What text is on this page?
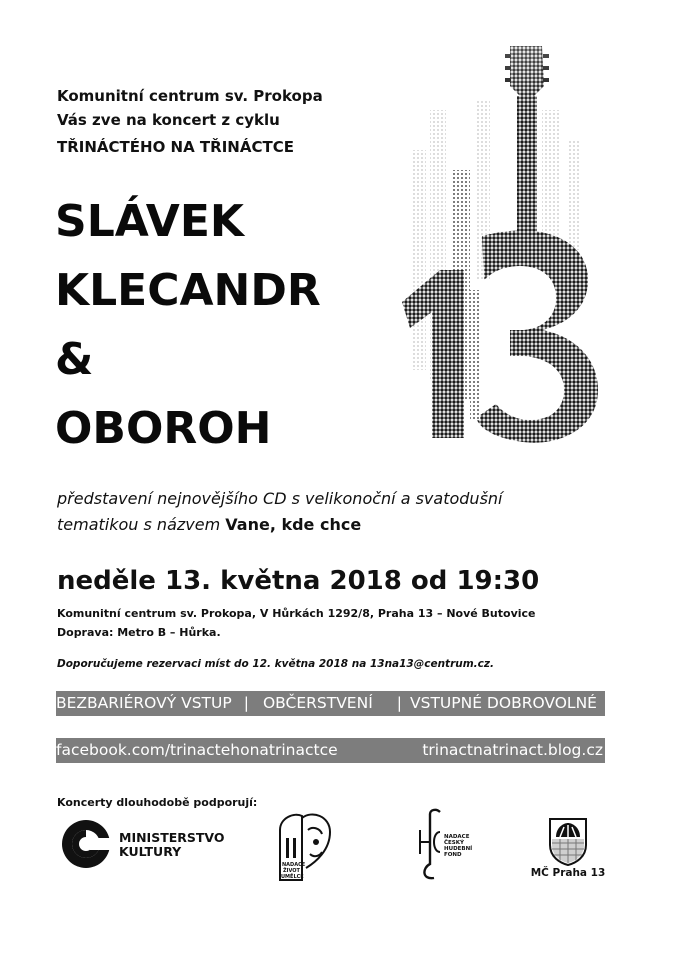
Komunitní centrum sv. Prokopa
Vás zve na koncert z cyklu
TŘINÁCTÉHO NA TŘINÁCTCE
SLÁVEK
KLECANDR
&
OBOROH
představení nejnovějšího CD s velikonoční a svatodušní
tematikou s názvem Vane, kde chce
neděle 13. května 2018 od 19:30
Komunitní centrum sv. Prokopa, V Hůrkách 1292/8, Praha 13 – Nové Butovice
Doprava: Metro B – Hůrka.
Doporučujeme rezervaci míst do 12. května 2018 na 13na13@centrum.cz.
BEZBARIÉROVÝ VSTUP | OBČERSTVENÍ | VSTUPNÉ DOBROVOLNÉ
facebook.com/trinactehonatrinactce	trinactnatrinact.blog.cz
Koncerty dlouhodobě podporují:
MINISTERSTVO
KULTURY
NADACE
ŽIVOT
UMĚLCE
NADACE
ČESKÝ
HUDEBNÍ
FOND
MČ Praha 13
